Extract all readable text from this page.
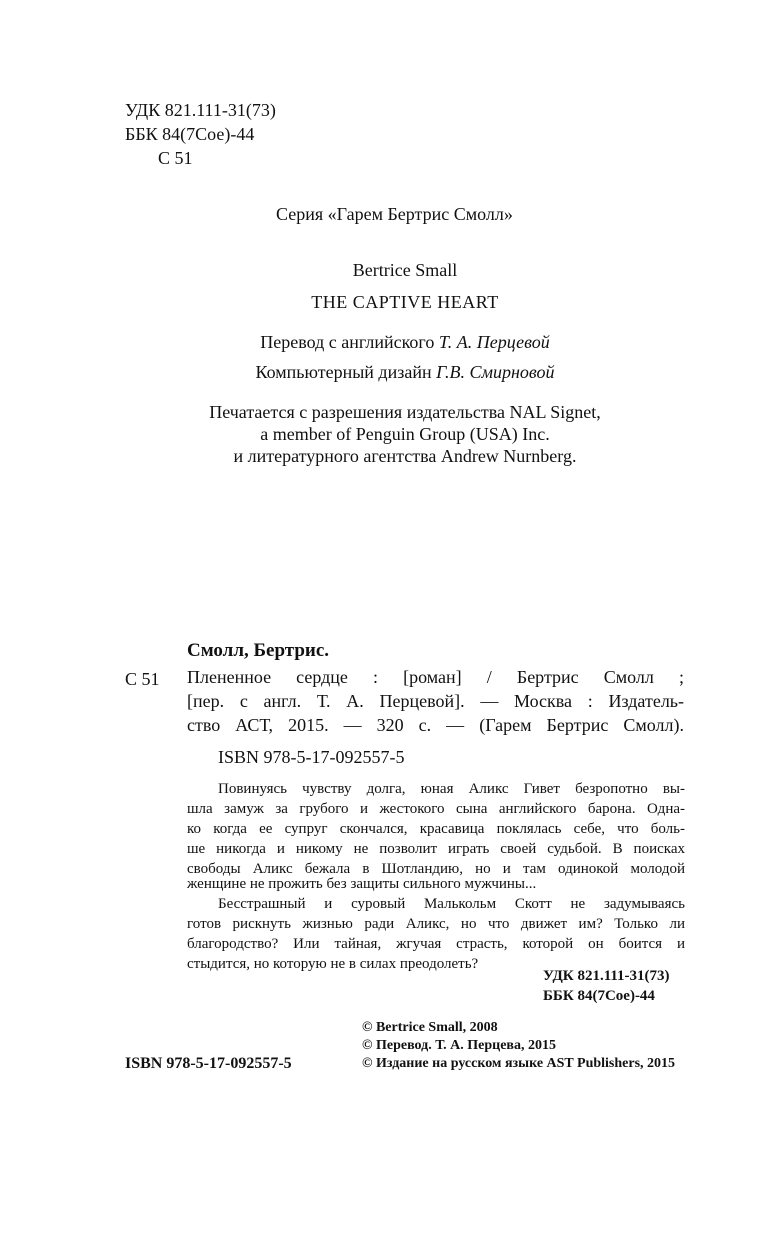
УДК 821.111-31(73)
ББК 84(7Сое)-44
С 51
Серия «Гарем Бертрис Смолл»
Bertrice Small
THE CAPTIVE HEART
Перевод с английского Т. А. Перцевой
Компьютерный дизайн Г.В. Смирновой
Печатается с разрешения издательства NAL Signet,
a member of Penguin Group (USA) Inc.
и литературного агентства Andrew Nurnberg.
Смолл, Бертрис.
С 51 Плененное сердце : [роман] / Бертрис Смолл ;
[пер. с англ. Т. А. Перцевой]. — Москва : Издатель-
ство АСТ, 2015. — 320 с. — (Гарем Бертрис Смолл).
ISBN 978-5-17-092557-5
Повинуясь чувству долга, юная Аликс Гивет безропотно вы-
шла замуж за грубого и жестокого сына английского барона. Одна-
ко когда ее супруг скончался, красавица поклялась себе, что боль-
ше никогда и никому не позволит играть своей судьбой. В поисках
свободы Аликс бежала в Шотландию, но и там одинокой молодой
женщине не прожить без защиты сильного мужчины...
Бесстрашный и суровый Малькольм Скотт не задумываясь
готов рискнуть жизнью ради Аликс, но что движет им? Только ли
благородство? Или тайная, жгучая страсть, которой он боится и
стыдится, но которую не в силах преодолеть?
УДК 821.111-31(73)
ББК 84(7Сое)-44
ISBN 978-5-17-092557-5
© Bertrice Small, 2008
© Перевод. Т. А. Перцева, 2015
© Издание на русском языке AST Publishers, 2015
